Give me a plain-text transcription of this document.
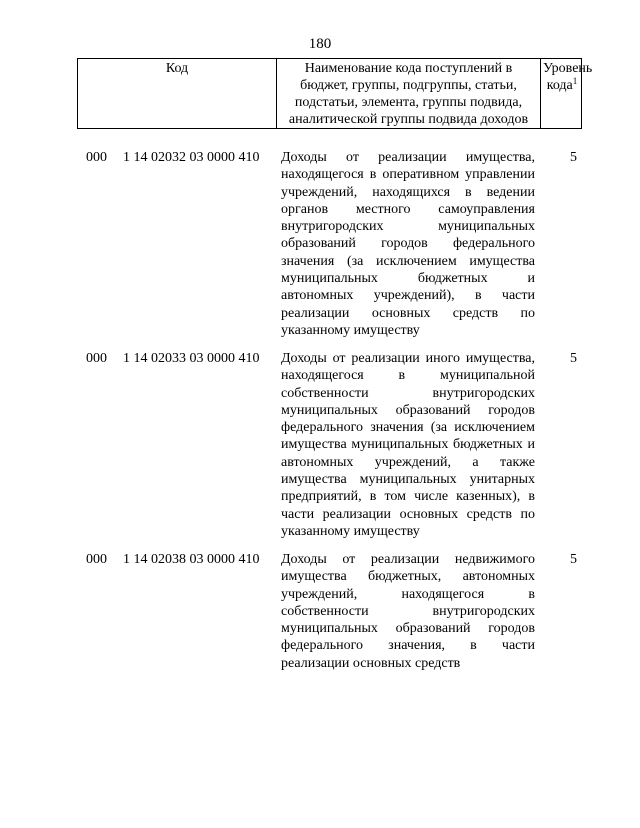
180
Код	Наименование кода поступлений в бюджет, группы, подгруппы, статьи, подстатьи, элемента, группы подвида, аналитической группы подвида доходов
Уровень кода$^1$
000 1 14 02032 03 0000 410 Доходы от реализации имущества, находящегося в оперативном управлении учреждений, находящихся в ведении органов местного самоуправления внутригородских муниципальных образований городов федерального значения (за исключением имущества муниципальных бюджетных и автономных учреждений), в части реализации основных средств по указанному имуществу
5
000 1 14 02033 03 0000 410 Доходы от реализации иного имущества, находящегося в муниципальной собственности внутригородских муниципальных образований городов федерального значения (за исключением имущества муниципальных бюджетных и автономных учреждений, а также имущества муниципальных унитарных предприятий, в том числе казенных), в части реализации основных средств по указанному имуществу
5
000 1 14 02038 03 0000 410 Доходы от реализации недвижимого имущества бюджетных, автономных учреждений, находящегося в собственности внутригородских муниципальных образований городов федерального значения, в части реализации основных средств
5
